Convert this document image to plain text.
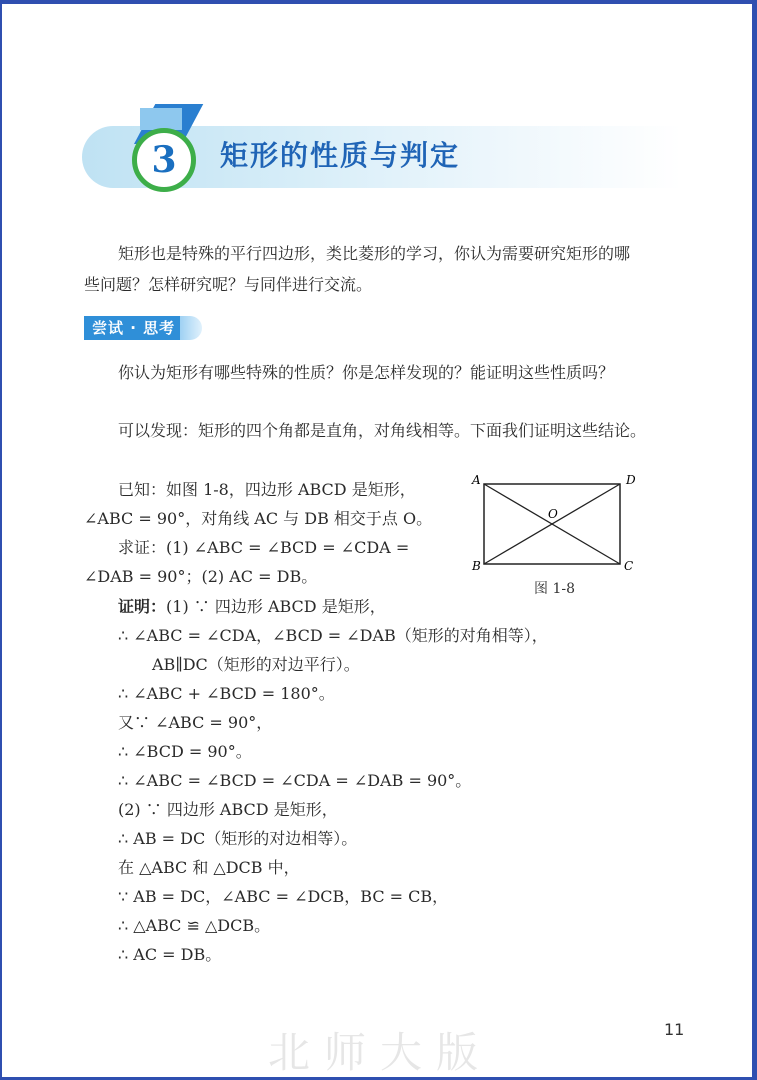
3	矩形的性质与判定
矩形也是特殊的平行四边形，类比菱形的学习，你认为需要研究矩形的哪
些问题？怎样研究呢？与同伴进行交流。
尝试 · 思考
你认为矩形有哪些特殊的性质？你是怎样发现的？能证明这些性质吗？
可以发现：矩形的四个角都是直角，对角线相等。下面我们证明这些结论。
已知：如图 1-8，四边形 ABCD 是矩形，
∠ABC = 90°，对角线 AC 与 DB 相交于点 O。
求证：(1) ∠ABC = ∠BCD = ∠CDA =
∠DAB = 90°；(2) AC = DB。
A	D
B	C
O
图 1-8
证明：(1) ∵ 四边形 ABCD 是矩形，
∴ ∠ABC = ∠CDA，∠BCD = ∠DAB（矩形的对角相等），
AB∥DC（矩形的对边平行）。
∴ ∠ABC + ∠BCD = 180°。
又∵ ∠ABC = 90°，
∴ ∠BCD = 90°。
∴ ∠ABC = ∠BCD = ∠CDA = ∠DAB = 90°。
(2) ∵ 四边形 ABCD 是矩形，
∴ AB = DC（矩形的对边相等）。
在 △ABC 和 △DCB 中，
∵ AB = DC，∠ABC = ∠DCB，BC = CB，
∴ △ABC ≌ △DCB。
∴ AC = DB。
北师大版	11
